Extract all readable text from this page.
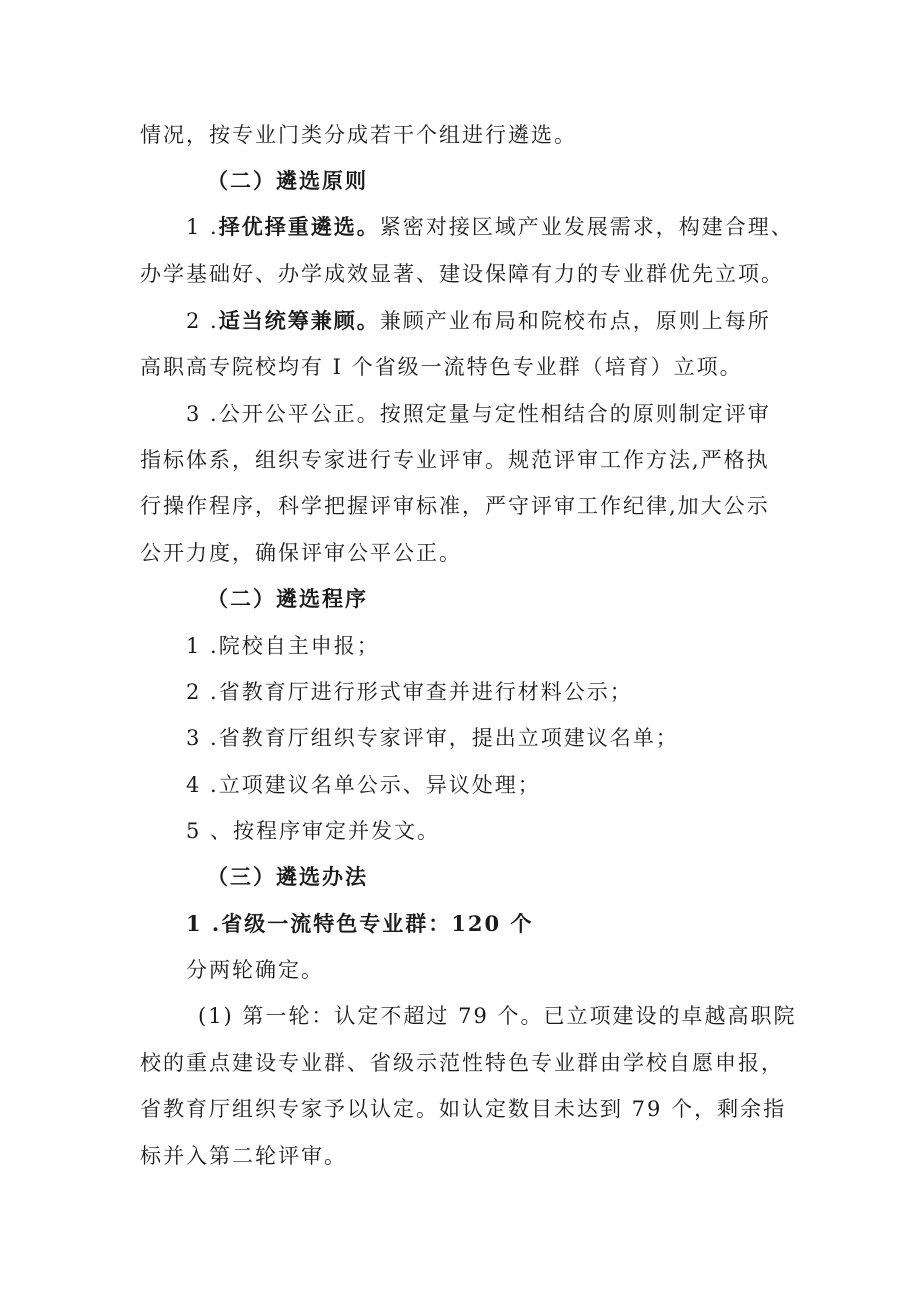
情况，按专业门类分成若干个组进行遴选。
（二）遴选原则
1 .择优择重遴选。紧密对接区域产业发展需求，构建合理、
办学基础好、办学成效显著、建设保障有力的专业群优先立项。
2 .适当统筹兼顾。兼顾产业布局和院校布点，原则上每所
高职高专院校均有 I 个省级一流特色专业群（培育）立项。
3 .公开公平公正。按照定量与定性相结合的原则制定评审
指标体系，组织专家进行专业评审。规范评审工作方法,严格执
行操作程序，科学把握评审标准，严守评审工作纪律,加大公示
公开力度，确保评审公平公正。
（二）遴选程序
1 .院校自主申报；
2 .省教育厅进行形式审查并进行材料公示；
3 .省教育厅组织专家评审，提出立项建议名单；
4 .立项建议名单公示、异议处理；
5 、按程序审定并发文。
（三）遴选办法
1 .省级一流特色专业群：120 个
分两轮确定。
(1) 第一轮：认定不超过 79 个。已立项建设的卓越高职院
校的重点建设专业群、省级示范性特色专业群由学校自愿申报，
省教育厅组织专家予以认定。如认定数目未达到 79 个，剩余指
标并入第二轮评审。
